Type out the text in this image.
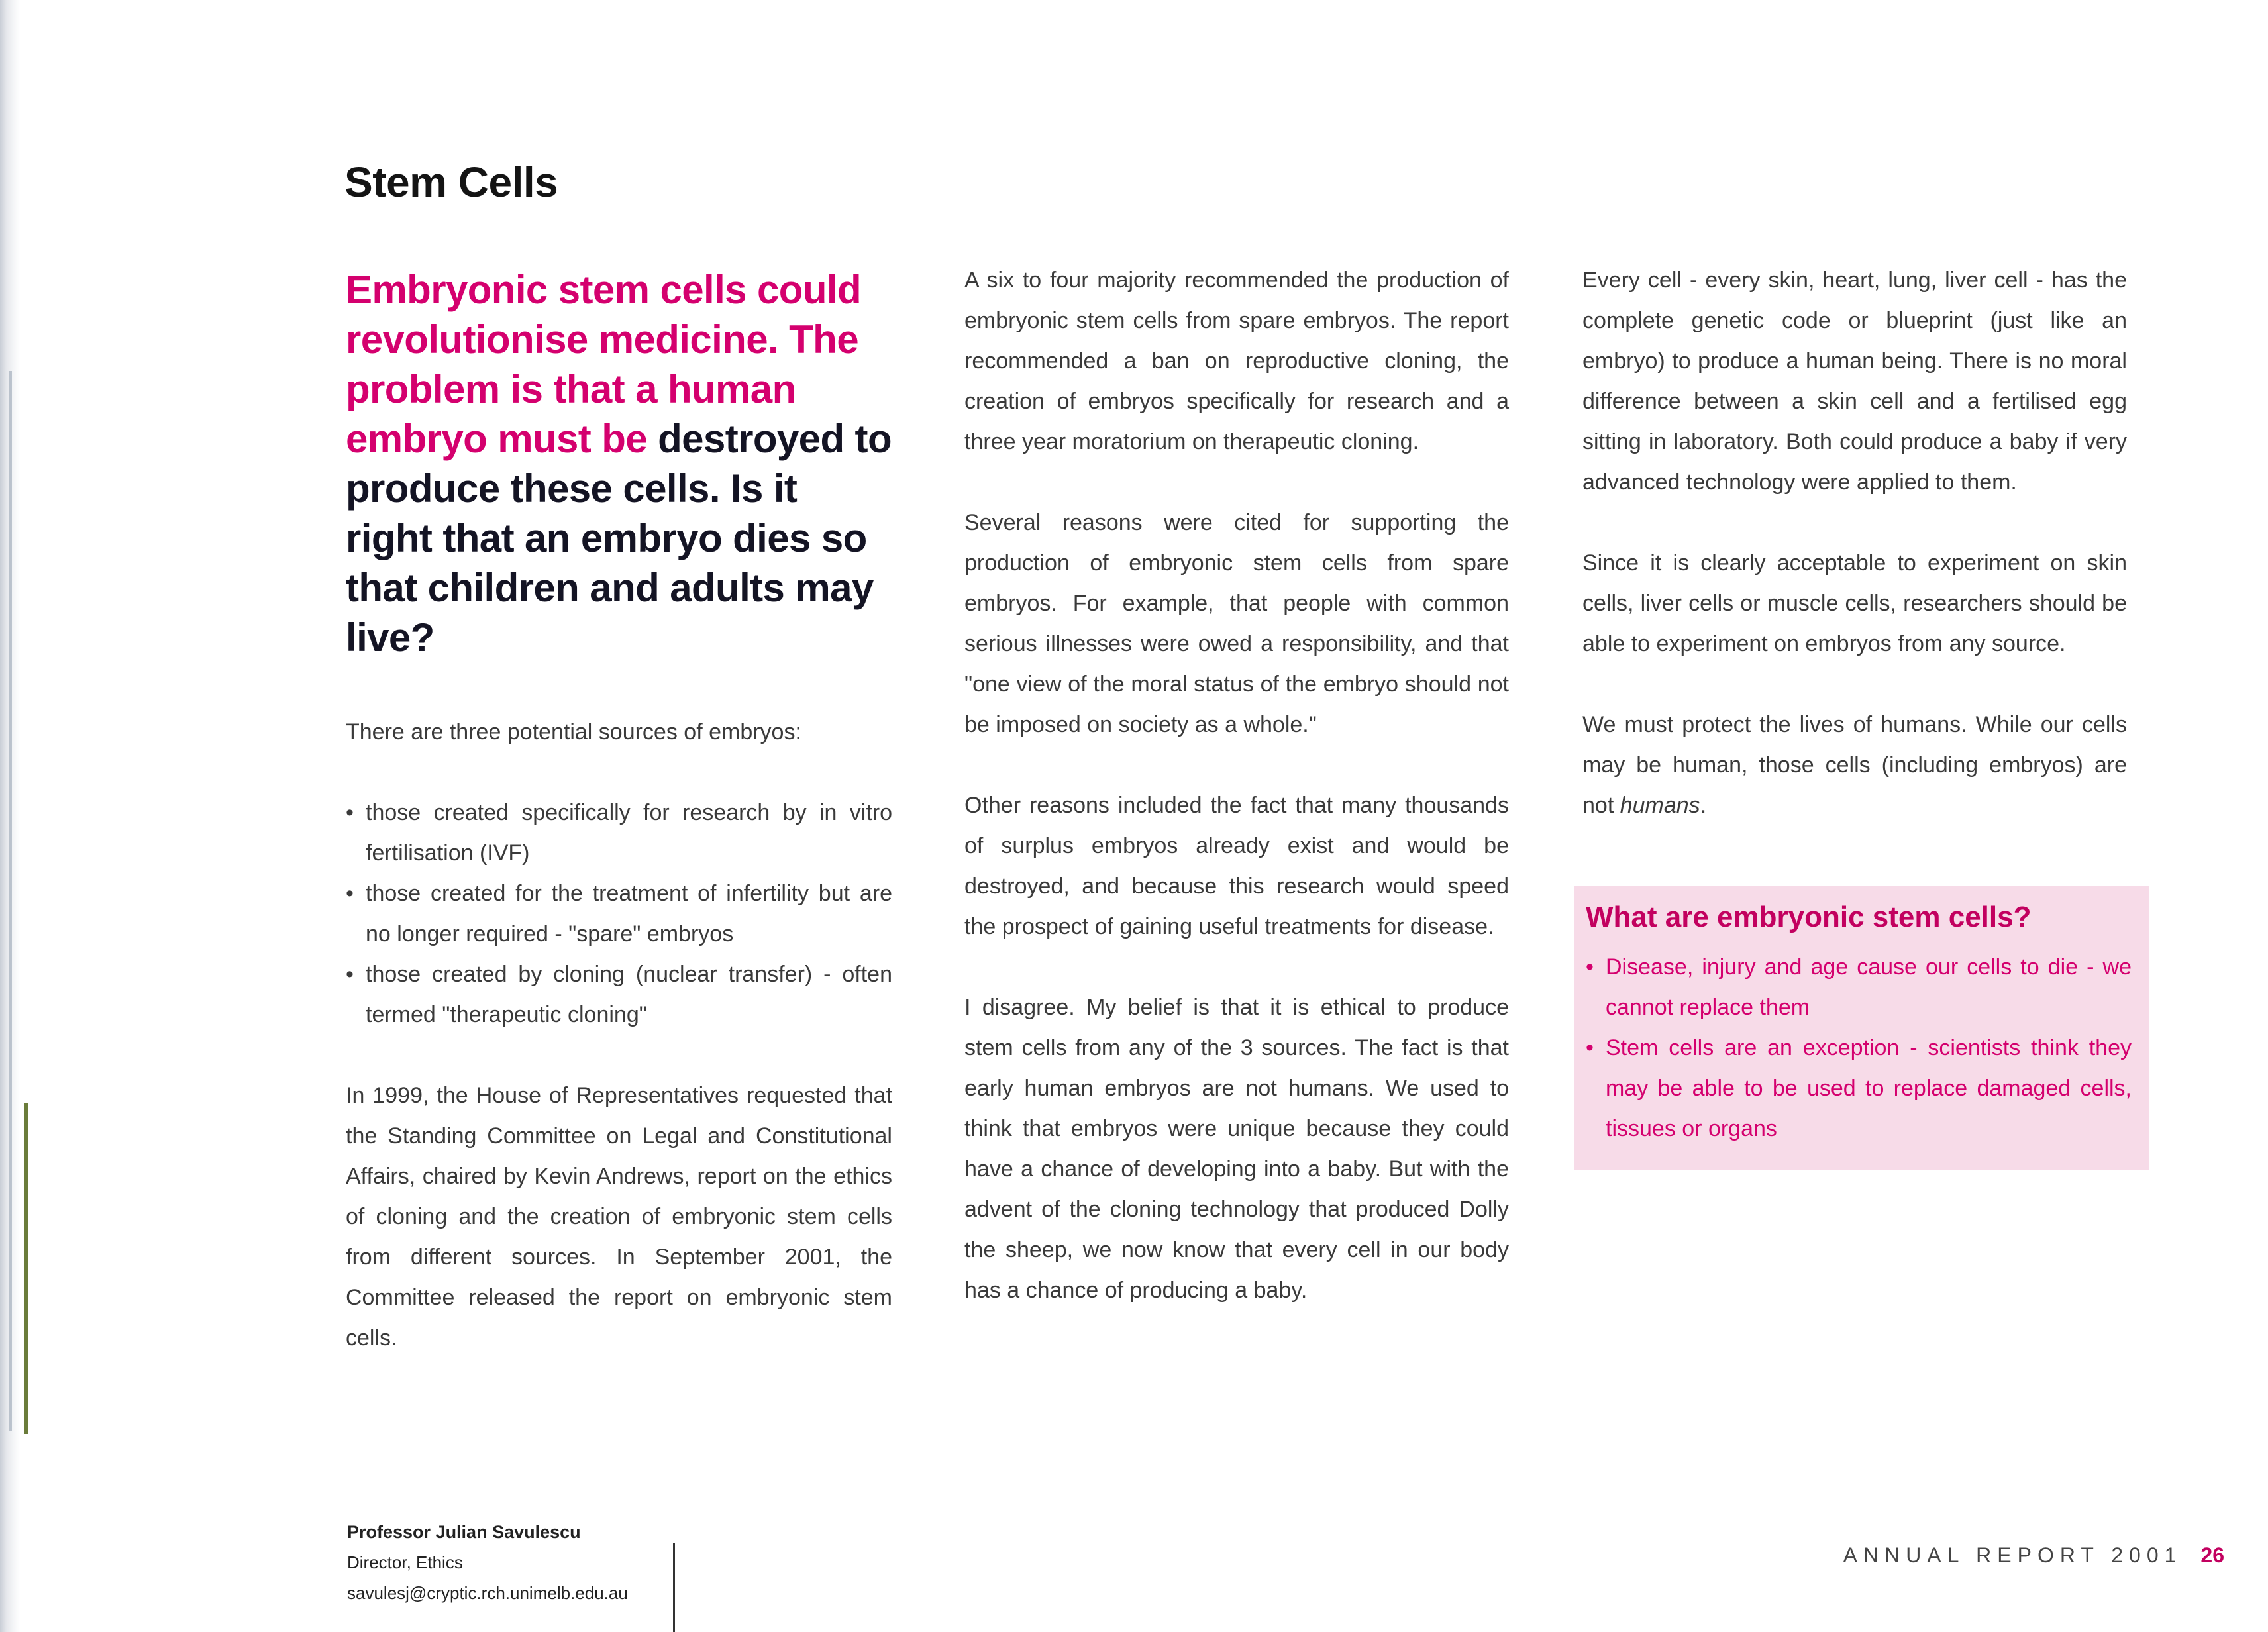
Stem Cells
Embryonic stem cells could revolutionise medicine. The problem is that a human embryo must be destroyed to produce these cells. Is it right that an embryo dies so that children and adults may live?

There are three potential sources of embryos:

• those created specifically for research by in vitro fertilisation (IVF)
• those created for the treatment of infertility but are no longer required - "spare" embryos
• those created by cloning (nuclear transfer) - often termed "therapeutic cloning"

In 1999, the House of Representatives requested that the Standing Committee on Legal and Constitutional Affairs, chaired by Kevin Andrews, report on the ethics of cloning and the creation of embryonic stem cells from different sources. In September 2001, the Committee released the report on embryonic stem cells.

A six to four majority recommended the production of embryonic stem cells from spare embryos. The report recommended a ban on reproductive cloning, the creation of embryos specifically for research and a three year moratorium on therapeutic cloning.

Several reasons were cited for supporting the production of embryonic stem cells from spare embryos. For example, that people with common serious illnesses were owed a responsibility, and that "one view of the moral status of the embryo should not be imposed on society as a whole."

Other reasons included the fact that many thousands of surplus embryos already exist and would be destroyed, and because this research would speed the prospect of gaining useful treatments for disease.

I disagree. My belief is that it is ethical to produce stem cells from any of the 3 sources. The fact is that early human embryos are not humans. We used to think that embryos were unique because they could have a chance of developing into a baby. But with the advent of the cloning technology that produced Dolly the sheep, we now know that every cell in our body has a chance of producing a baby.

Every cell - every skin, heart, lung, liver cell - has the complete genetic code or blueprint (just like an embryo) to produce a human being. There is no moral difference between a skin cell and a fertilised egg sitting in laboratory. Both could produce a baby if very advanced technology were applied to them.

Since it is clearly acceptable to experiment on skin cells, liver cells or muscle cells, researchers should be able to experiment on embryos from any source.

We must protect the lives of humans. While our cells may be human, those cells (including embryos) are not humans.

What are embryonic stem cells?
• Disease, injury and age cause our cells to die - we cannot replace them
• Stem cells are an exception - scientists think they may be able to be used to replace damaged cells, tissues or organs
Professor Julian Savulescu
Director, Ethics
savulesj@cryptic.rch.unimelb.edu.au
ANNUAL REPORT 2001 26
